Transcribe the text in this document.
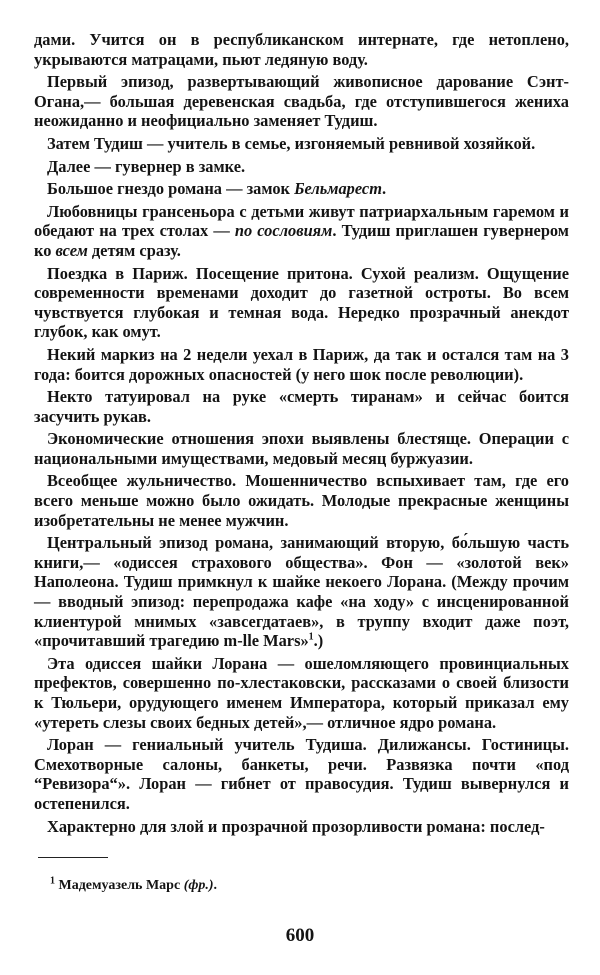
дами. Учится он в республиканском интернате, где нетоплено, укрываются матрацами, пьют ледяную воду.

Первый эпизод, развертывающий живописное дарование Сэнт-Огана,— большая деревенская свадьба, где отступившегося жениха неожиданно и неофициально заменяет Тудиш.

Затем Тудиш — учитель в семье, изгоняемый ревнивой хозяйкой.

Далее — гувернер в замке.

Большое гнездо романа — замок Бельмарест.

Любовницы грансеньора с детьми живут патриархальным гаремом и обедают на трех столах — по сословиям. Тудиш приглашен гувернером ко всем детям сразу.

Поездка в Париж. Посещение притона. Сухой реализм. Ощущение современности временами доходит до газетной остроты. Во всем чувствуется глубокая и темная вода. Нередко прозрачный анекдот глубок, как омут.

Некий маркиз на 2 недели уехал в Париж, да так и остался там на 3 года: боится дорожных опасностей (у него шок после революции).

Некто татуировал на руке «смерть тиранам» и сейчас боится засучить рукав.

Экономические отношения эпохи выявлены блестяще. Операции с национальными имуществами, медовый месяц буржуазии.

Всеобщее жульничество. Мошенничество вспыхивает там, где его всего меньше можно было ожидать. Молодые прекрасные женщины изобретательны не менее мужчин.

Центральный эпизод романа, занимающий вторую, бо́льшую часть книги,— «одиссея страхового общества». Фон — «золотой век» Наполеона. Тудиш примкнул к шайке некоего Лорана. (Между прочим — вводный эпизод: перепродажа кафе «на ходу» с инсценированной клиентурой мнимых «завсегдатаев», в труппу входит даже поэт, «прочитавший трагедию m-lle Mars»$^1$.)

Эта одиссея шайки Лорана — ошеломляющего провинциальных префектов, совершенно по-хлестаковски, рассказами о своей близости к Тюльери, орудующего именем Императора, который приказал ему «утереть слезы своих бедных детей»,— отличное ядро романа.

Лоран — гениальный учитель Тудиша. Дилижансы. Гостиницы. Смехотворные салоны, банкеты, речи. Развязка почти «под “Ревизора“». Лоран — гибнет от правосудия. Тудиш вывернулся и остепенился.

Характерно для злой и прозрачной прозорливости романа: послед-

$^1$ Мадемуазель Марс (фр.).
600
